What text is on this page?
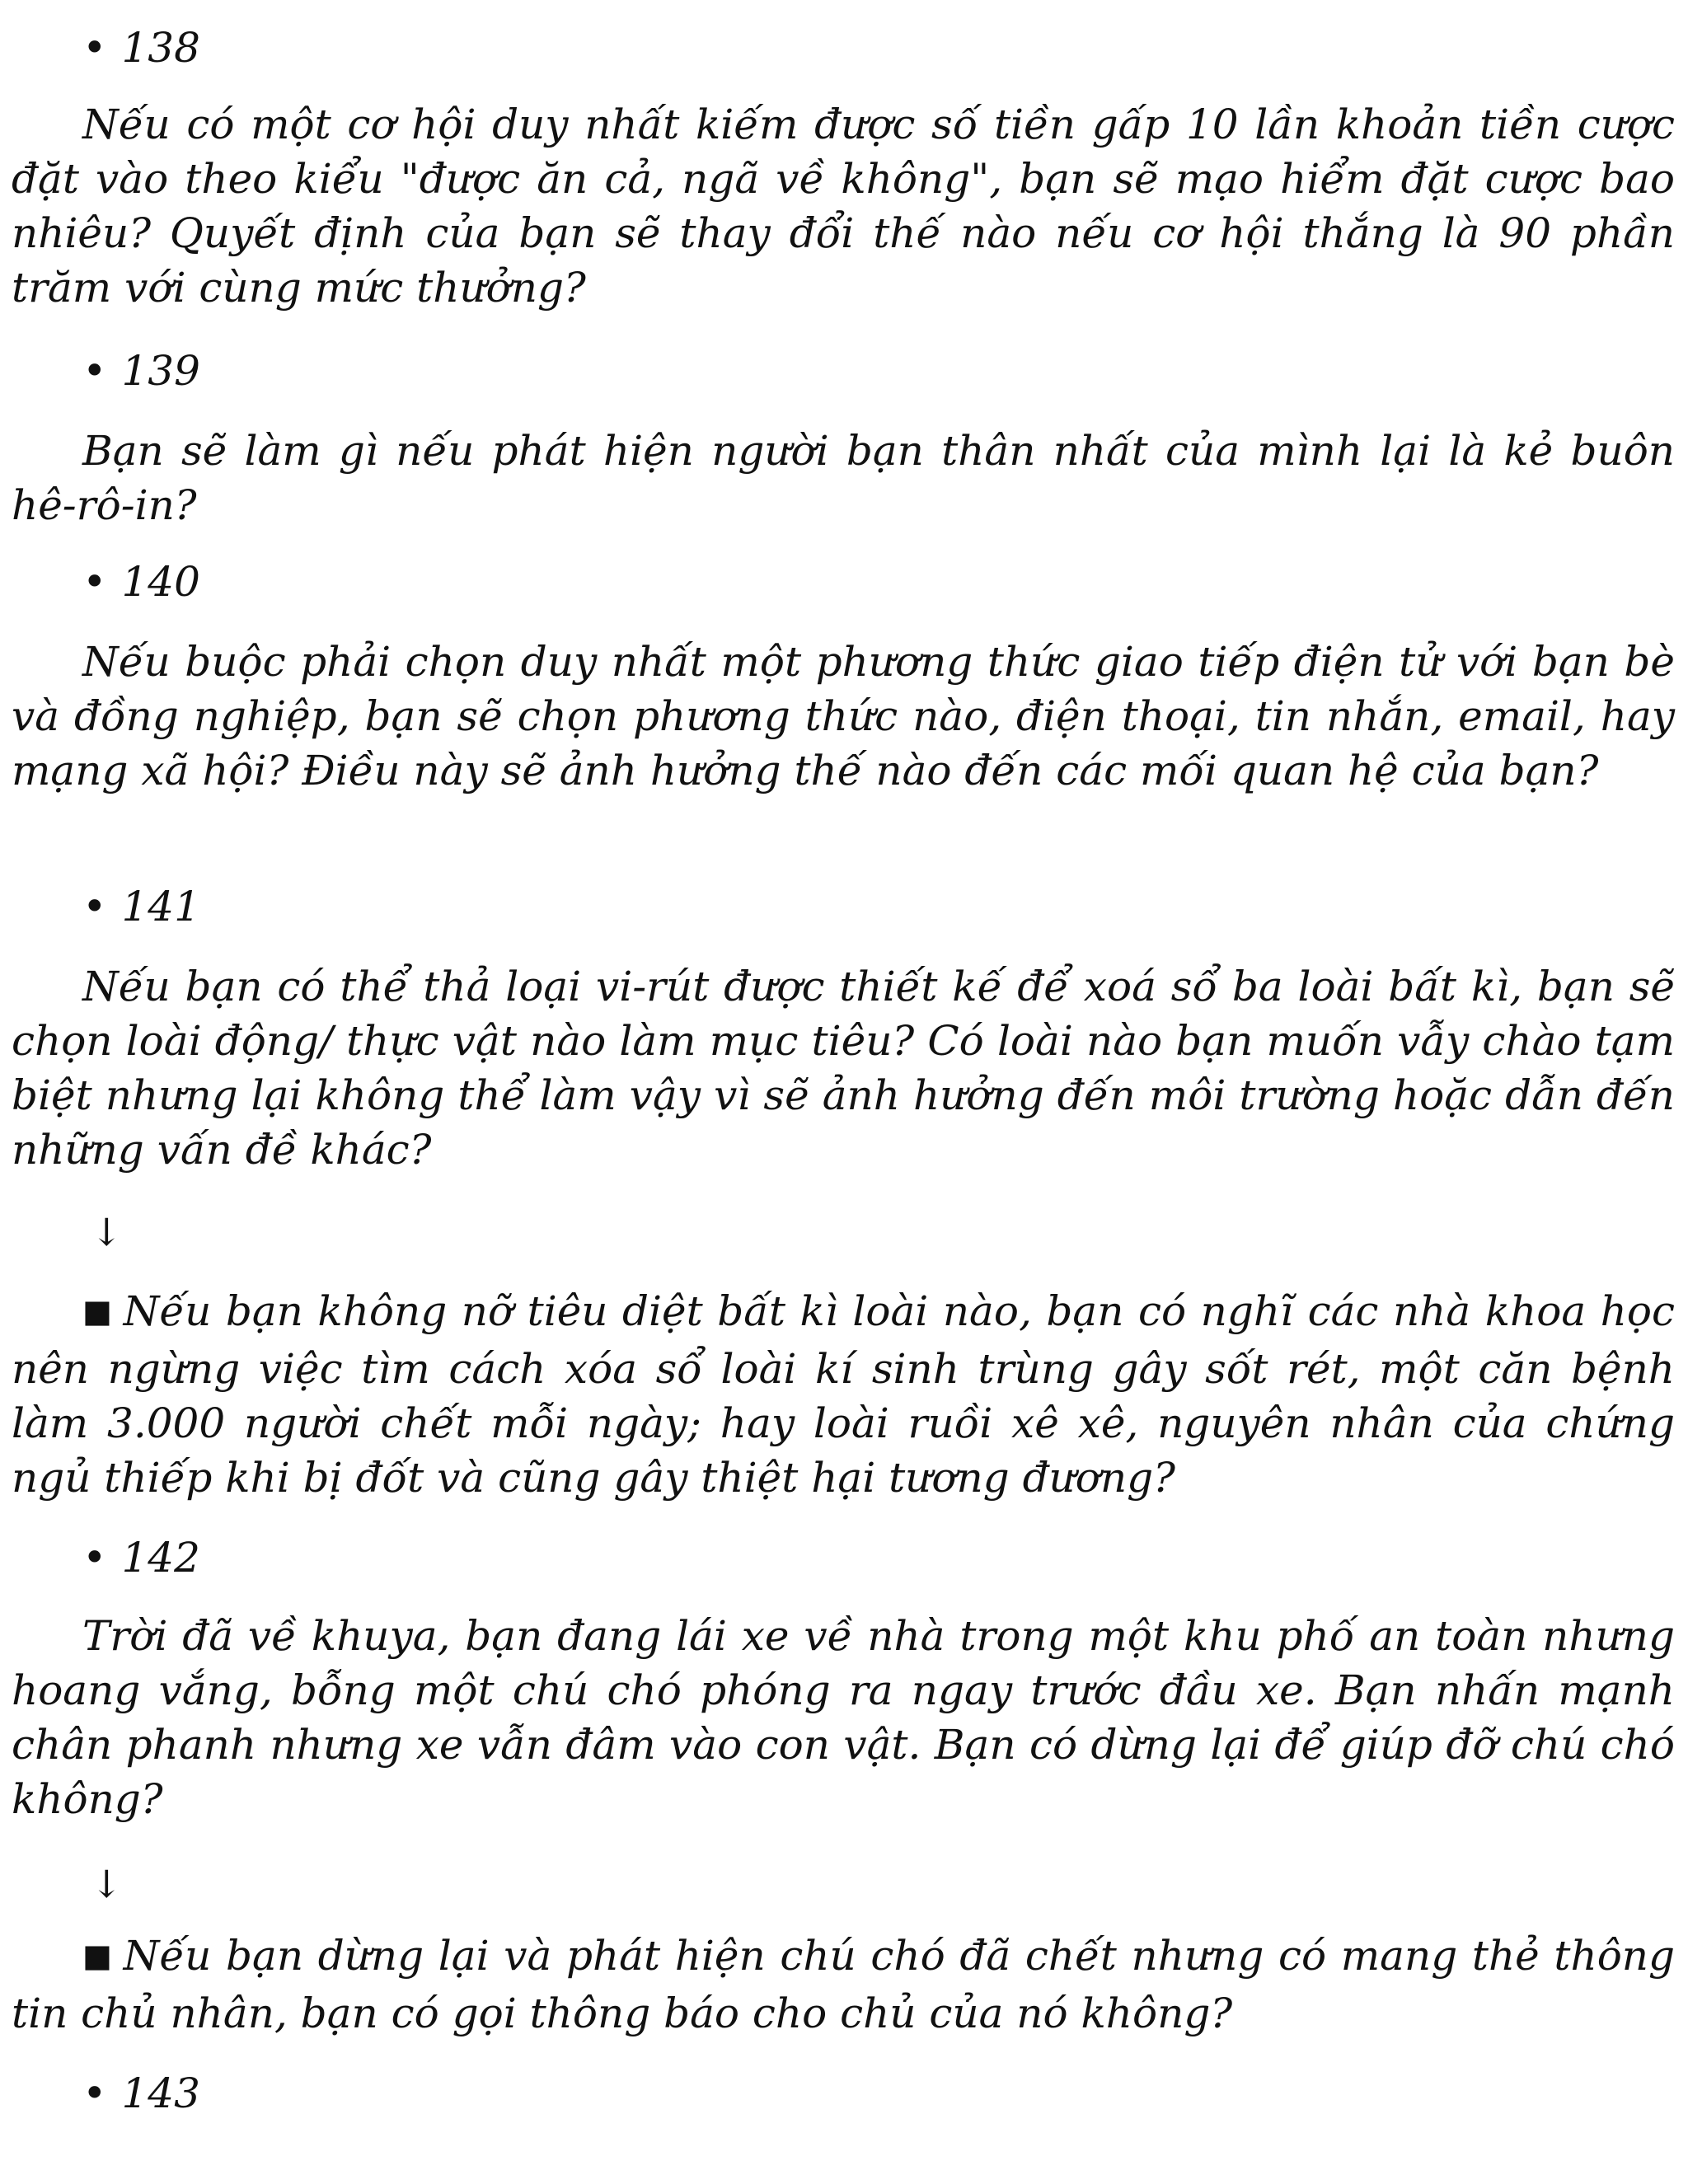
• 138

Nếu có một cơ hội duy nhất kiếm được số tiền gấp 10 lần khoản tiền cược đặt vào theo kiểu "được ăn cả, ngã về không", bạn sẽ mạo hiểm đặt cược bao nhiêu? Quyết định của bạn sẽ thay đổi thế nào nếu cơ hội thắng là 90 phần trăm với cùng mức thưởng?

• 139

Bạn sẽ làm gì nếu phát hiện người bạn thân nhất của mình lại là kẻ buôn hê-rô-in?

• 140

Nếu buộc phải chọn duy nhất một phương thức giao tiếp điện tử với bạn bè và đồng nghiệp, bạn sẽ chọn phương thức nào, điện thoại, tin nhắn, email, hay mạng xã hội? Điều này sẽ ảnh hưởng thế nào đến các mối quan hệ của bạn?

• 141

Nếu bạn có thể thả loại vi-rút được thiết kế để xoá sổ ba loài bất kì, bạn sẽ chọn loài động/ thực vật nào làm mục tiêu? Có loài nào bạn muốn vẫy chào tạm biệt nhưng lại không thể làm vậy vì sẽ ảnh hưởng đến môi trường hoặc dẫn đến những vấn đề khác?

↓

■ Nếu bạn không nỡ tiêu diệt bất kì loài nào, bạn có nghĩ các nhà khoa học nên ngừng việc tìm cách xóa sổ loài kí sinh trùng gây sốt rét, một căn bệnh làm 3.000 người chết mỗi ngày; hay loài ruồi xê xê, nguyên nhân của chứng ngủ thiếp khi bị đốt và cũng gây thiệt hại tương đương?

• 142

Trời đã về khuya, bạn đang lái xe về nhà trong một khu phố an toàn nhưng hoang vắng, bỗng một chú chó phóng ra ngay trước đầu xe. Bạn nhấn mạnh chân phanh nhưng xe vẫn đâm vào con vật. Bạn có dừng lại để giúp đỡ chú chó không?

↓

■ Nếu bạn dừng lại và phát hiện chú chó đã chết nhưng có mang thẻ thông tin chủ nhân, bạn có gọi thông báo cho chủ của nó không?

• 143
